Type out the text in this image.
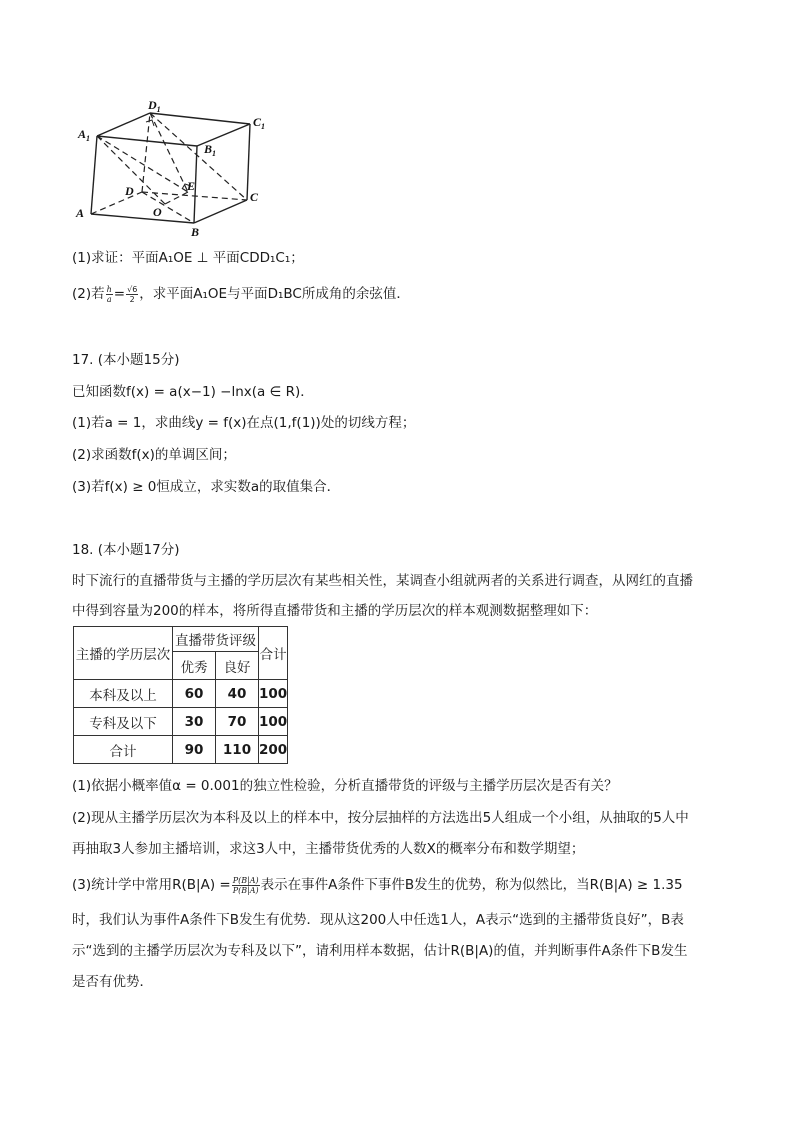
$A_1$
$D_1$
$C_1$
$B_1$
A
B
C
D
O
E
(1)求证：平面A₁OE ⊥ 平面CDD₁C₁；
(2)若 $\frac{h}{a} = \frac{√6}{2}$ ，求平面A₁OE与平面D₁BC所成角的余弦值．
17. (本小题15分)
已知函数f(x) = a(x−1) −lnx(a ∈ R)．
(1)若a = 1，求曲线y = f(x)在点(1,f(1))处的切线方程；
(2)求函数f(x)的单调区间；
(3)若f(x) ≥ 0恒成立，求实数a的取值集合．
18. (本小题17分)
时下流行的直播带货与主播的学历层次有某些相关性，某调查小组就两者的关系进行调查，从网红的直播
中得到容量为200的样本，将所得直播带货和主播的学历层次的样本观测数据整理如下：
主播的学历层次	直播带货评级		合计
	优秀	良好	
本科及以上	60	40	100
专科及以下	30	70	100
合计	90	110	200
(1)依据小概率值α = 0.001的独立性检验，分析直播带货的评级与主播学历层次是否有关？
(2)现从主播学历层次为本科及以上的样本中，按分层抽样的方法选出5人组成一个小组，从抽取的5人中
再抽取3人参加主播培训，求这3人中，主播带货优秀的人数X的概率分布和数学期望；
(3)统计学中常用$R(B|A) = \frac{P(B|A)}{P(B̄|A)}$ 表示在事件A条件下事件B发生的优势，称为似然比，当R(B|A) ≥ 1.35
时，我们认为事件A条件下B发生有优势．现从这200人中任选1人，A表示“选到的主播带货良好”，B表
示“选到的主播学历层次为专科及以下”，请利用样本数据，估计R(B|A)的值，并判断事件A条件下B发生
是否有优势．
